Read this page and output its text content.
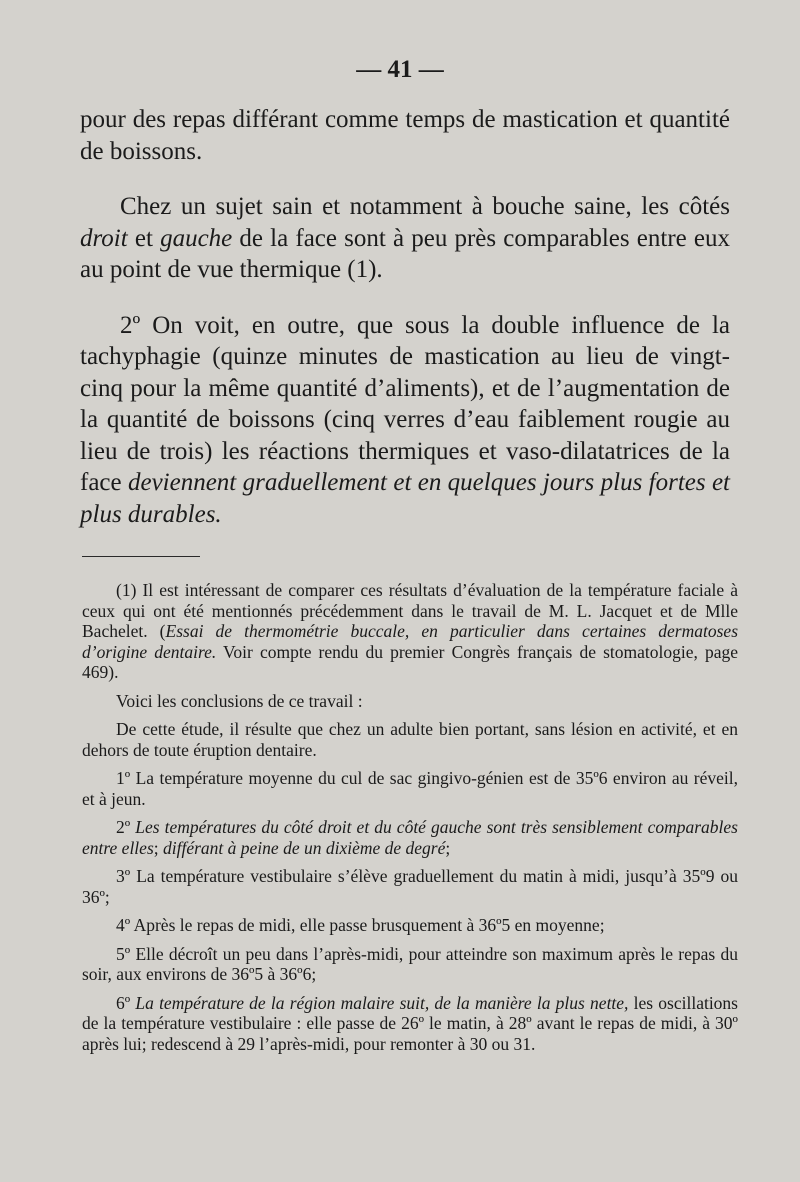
— 41 —

pour des repas différant comme temps de mastication et quantité de boissons.

Chez un sujet sain et notamment à bouche saine, les côtés droit et gauche de la face sont à peu près comparables entre eux au point de vue thermique (1).

2º On voit, en outre, que sous la double influence de la tachyphagie (quinze minutes de mastication au lieu de vingt-cinq pour la même quantité d’aliments), et de l’augmentation de la quantité de boissons (cinq verres d’eau faiblement rougie au lieu de trois) les réactions thermiques et vaso-dilatatrices de la face deviennent graduellement et en quelques jours plus fortes et plus durables.

(1) Il est intéressant de comparer ces résultats d’évaluation de la température faciale à ceux qui ont été mentionnés précédemment dans le travail de M. L. Jacquet et de Mlle Bachelet. (Essai de thermométrie buccale, en particulier dans certaines dermatoses d’origine dentaire. Voir compte rendu du premier Congrès français de stomatologie, page 469).

Voici les conclusions de ce travail :

De cette étude, il résulte que chez un adulte bien portant, sans lésion en activité, et en dehors de toute éruption dentaire.

1º La température moyenne du cul de sac gingivo-génien est de 35º6 environ au réveil, et à jeun.

2º Les températures du côté droit et du côté gauche sont très sensiblement comparables entre elles; différant à peine de un dixième de degré;

3º La température vestibulaire s’élève graduellement du matin à midi, jusqu’à 35º9 ou 36º;

4º Après le repas de midi, elle passe brusquement à 36º5 en moyenne;

5º Elle décroît un peu dans l’après-midi, pour atteindre son maximum après le repas du soir, aux environs de 36º5 à 36º6;

6º La température de la région malaire suit, de la manière la plus nette, les oscillations de la température vestibulaire : elle passe de 26º le matin, à 28º avant le repas de midi, à 30º après lui; redescend à 29 l’après-midi, pour remonter à 30 ou 31.
